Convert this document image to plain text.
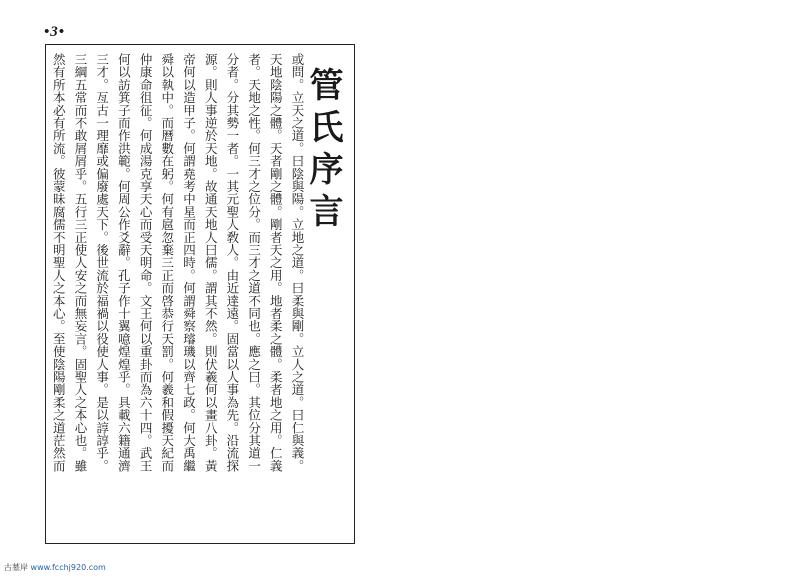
•3•
管氏序言
或問。立天之道。曰陰與陽。立地之道。曰柔與剛。立人之道。曰仁與義。
天地陰陽之體。天者剛之體。剛者天之用。地者柔之體。柔者地之用。仁義
者。天地之性。何三才之位分。而三才之道不同也。應之曰。其位分其道一
分者。分其勢一者。一其元聖人敎人。由近達遠。固當以人事為先。沿流探
源。則人事逆於天地。故通天地人曰儒。謂其不然。則伏羲何以畫八卦。黃
帝何以造甲子。何謂堯考中星而正四時。何謂舜察璿璣以齊七政。何大禹繼
舜以執中。而曆數在躬。何有扈忽棄三正而啓恭行天罰。何羲和假擾天紀而
仲康命徂征。何成湯克享天心而受天明命。文王何以重卦而為六十四。武王
何以訪箕子而作洪範。何周公作爻辭。孔子作十翼噫煌煌乎。具載六籍通濟
三才。亙古一理靡或偏廢處天下。後世流於福禍以役使人事。是以諄諄乎。
三綱五常而不敢屑屑乎。五行三正使人安之而無妄言。固聖人之本心也。雖
然有所本必有所流。彼蒙昧腐儒不明聖人之本心。至使陰陽剛柔之道茫然而
古墓岸 www.fcchj920.com
